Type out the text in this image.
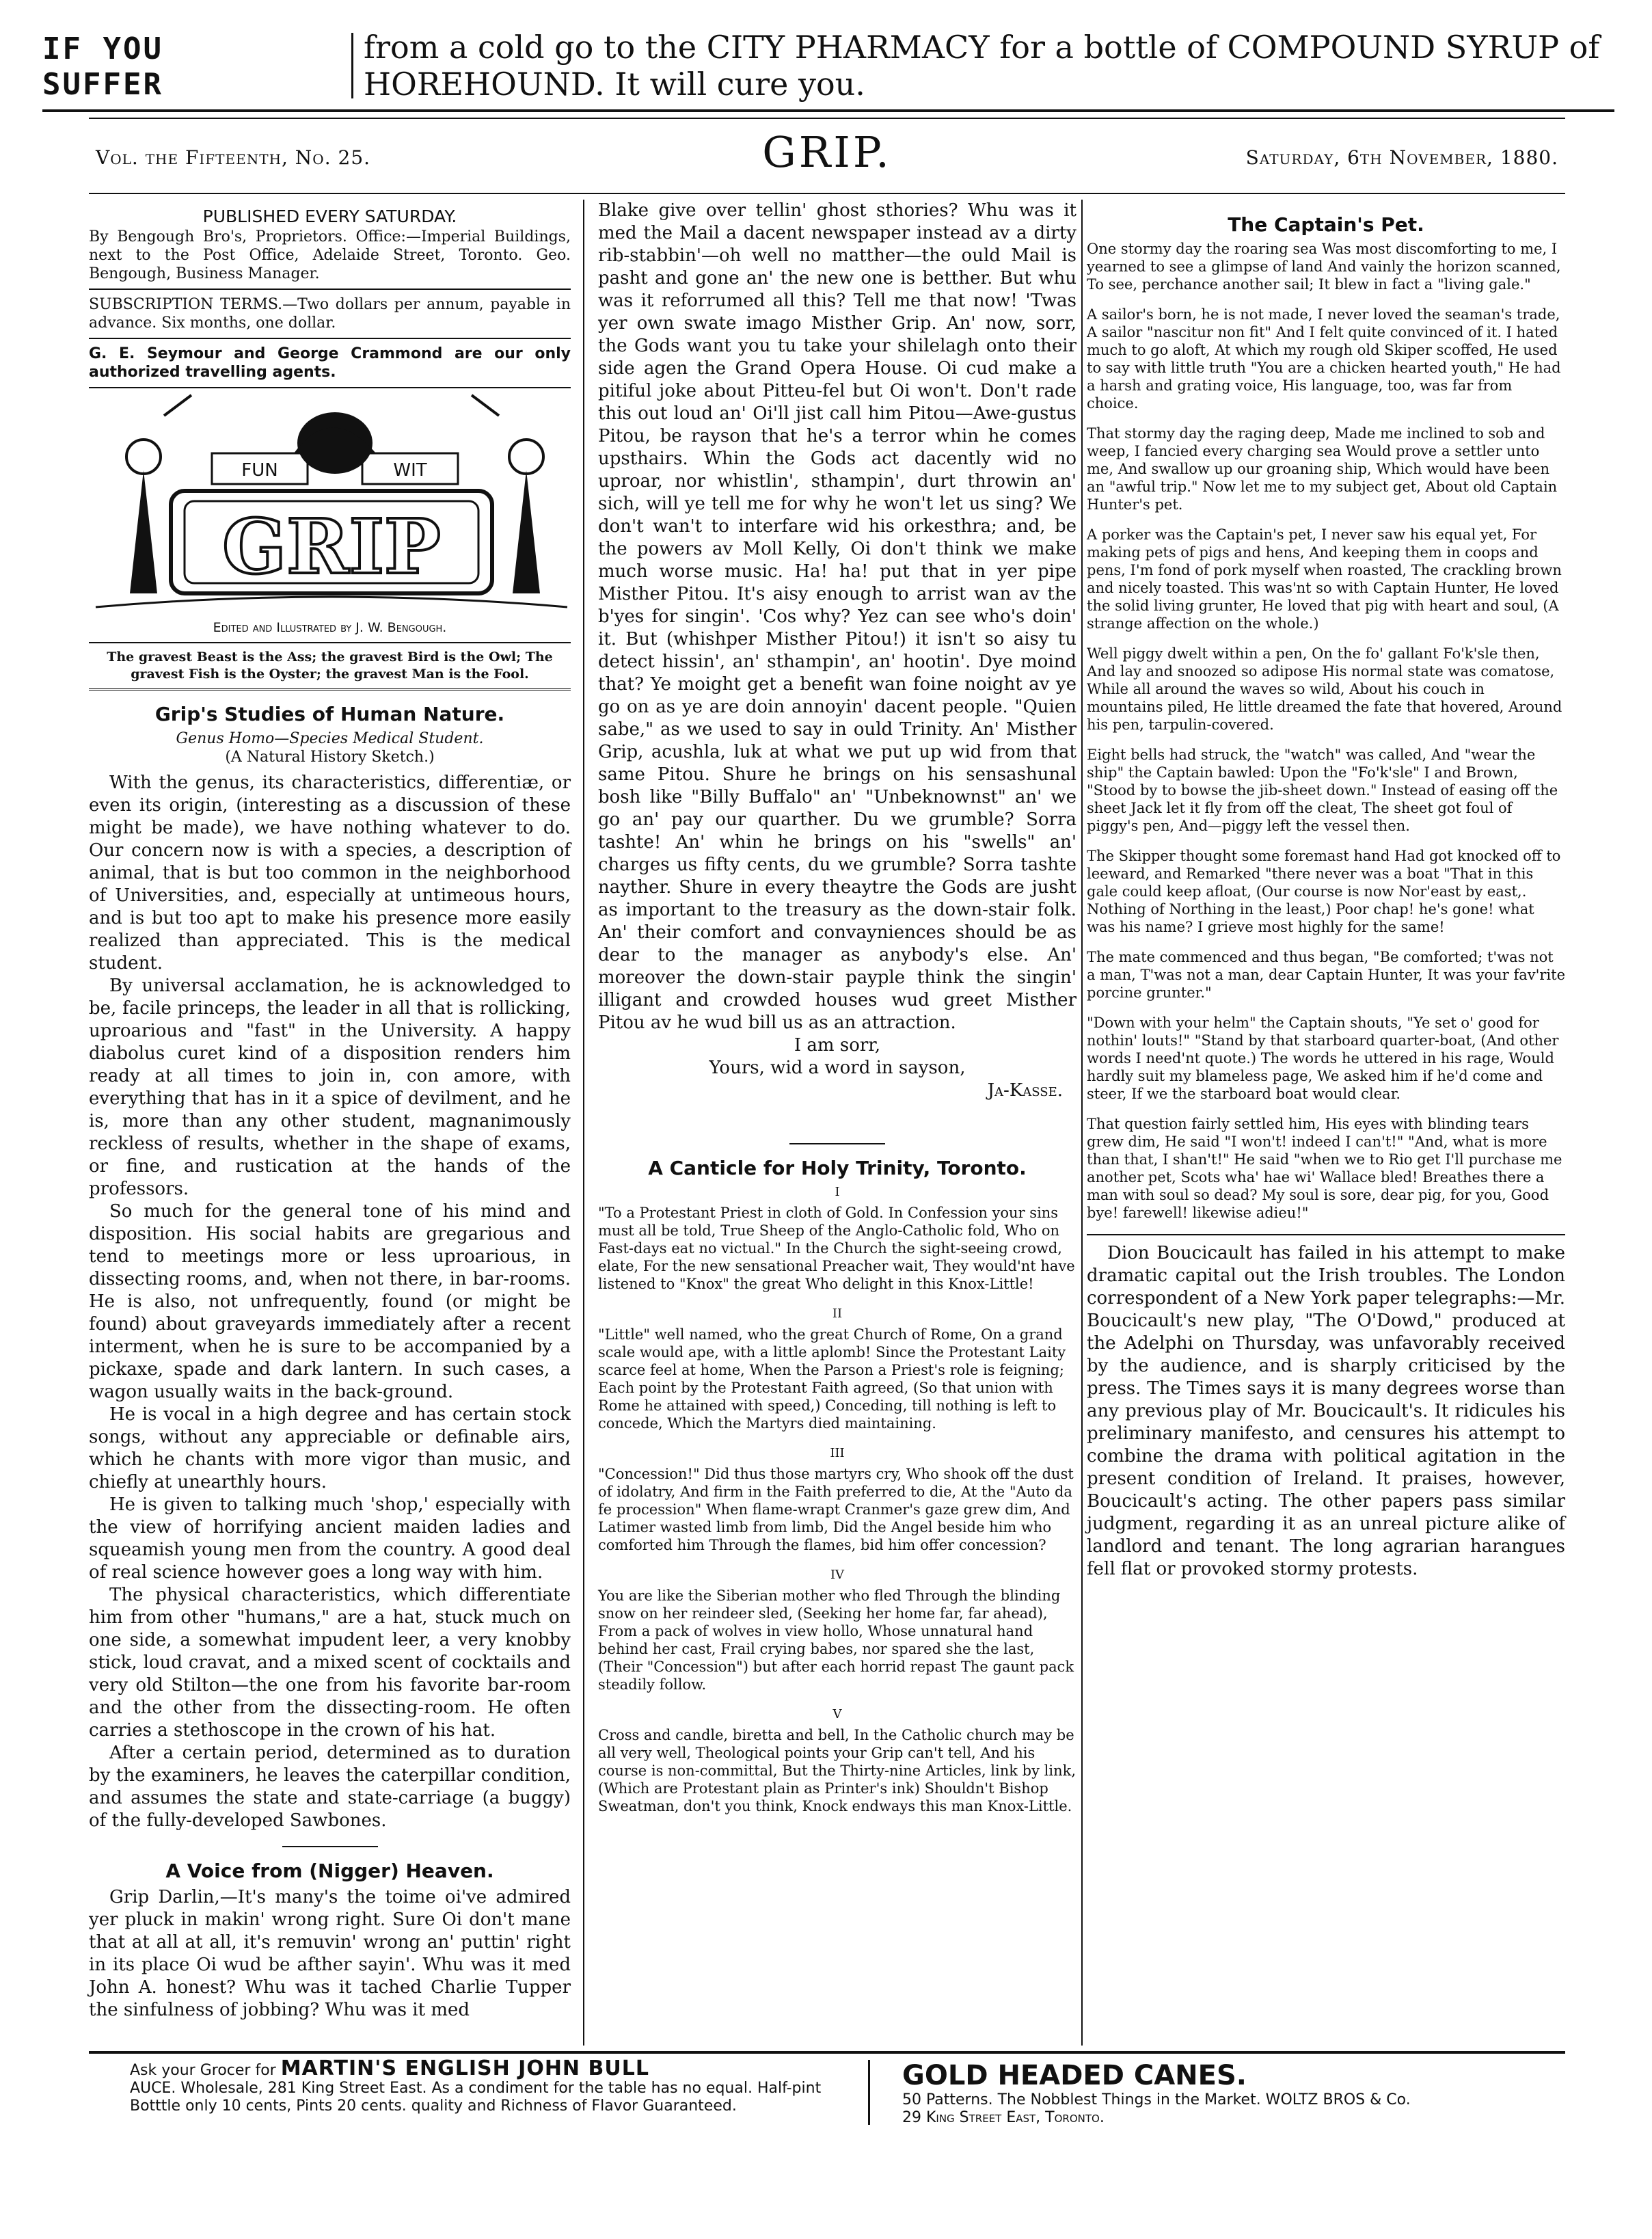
IF YOU
SUFFER
from a cold go to the CITY PHARMACY for a bottle of COMPOUND SYRUP of
HOREHOUND. It will cure you.
Vol. the Fifteenth, No. 25.	GRIP.	Saturday, 6th November, 1880.
PUBLISHED EVERY SATURDAY.
By Bengough Bro's, Proprietors. Office:—Imperial Buildings, next to the Post Office, Adelaide Street, Toronto. Geo. Bengough, Business Manager.
SUBSCRIPTION TERMS.—Two dollars per annum, payable in advance. Six months, one dollar.
G. E. Seymour and George Crammond are our only authorized travelling agents.
GRIP
FUN	WIT
Edited and Illustrated by J. W. Bengough.
The gravest Beast is the Ass; the gravest Bird is the Owl; The gravest Fish is the Oyster; the gravest Man is the Fool.
Grip's Studies of Human Nature.
Genus Homo—Species Medical Student.
(A Natural History Sketch.)

With the genus, its characteristics, differentiæ, or even its origin, (interesting as a discussion of these might be made), we have nothing whatever to do. Our concern now is with a species, a description of animal, that is but too common in the neighborhood of Universities, and, especially at untimeous hours, and is but too apt to make his presence more easily realized than appreciated. This is the medical student.

By universal acclamation, he is acknowledged to be, facile princeps, the leader in all that is rollicking, uproarious and "fast" in the University. A happy diabolus curet kind of a disposition renders him ready at all times to join in, con amore, with everything that has in it a spice of devilment, and he is, more than any other student, magnanimously reckless of results, whether in the shape of exams, or fine, and rustication at the hands of the professors.

So much for the general tone of his mind and disposition. His social habits are gregarious and tend to meetings more or less uproarious, in dissecting rooms, and, when not there, in bar-rooms. He is also, not unfrequently, found (or might be found) about graveyards immediately after a recent interment, when he is sure to be accompanied by a pickaxe, spade and dark lantern. In such cases, a wagon usually waits in the back-ground.

He is vocal in a high degree and has certain stock songs, without any appreciable or definable airs, which he chants with more vigor than music, and chiefly at unearthly hours.

He is given to talking much 'shop,' especially with the view of horrifying ancient maiden ladies and squeamish young men from the country. A good deal of real science however goes a long way with him.

The physical characteristics, which differentiate him from other "humans," are a hat, stuck much on one side, a somewhat impudent leer, a very knobby stick, loud cravat, and a mixed scent of cocktails and very old Stilton—the one from his favorite bar-room and the other from the dissecting-room. He often carries a stethoscope in the crown of his hat.

After a certain period, determined as to duration by the examiners, he leaves the caterpillar condition, and assumes the state and state-carriage (a buggy) of the fully-developed Sawbones.

A Voice from (Nigger) Heaven.

Grip Darlin,—It's many's the toime oi've admired yer pluck in makin' wrong right. Sure Oi don't mane that at all at all, it's remuvin' wrong an' puttin' right in its place Oi wud be afther sayin'. Whu was it med John A. honest? Whu was it tached Charlie Tupper the sinfulness of jobbing? Whu was it med

Blake give over tellin' ghost sthories? Whu was it med the Mail a dacent newspaper instead av a dirty rib-stabbin'—oh well no matther—the ould Mail is pasht and gone an' the new one is betther. But whu was it reforrumed all this? Tell me that now! 'Twas yer own swate imago Misther Grip. An' now, sorr, the Gods want you tu take your shilelagh onto their side agen the Grand Opera House. Oi cud make a pitiful joke about Pitteu-fel but Oi won't. Don't rade this out loud an' Oi'll jist call him Pitou—Awe-gustus Pitou, be rayson that he's a terror whin he comes upsthairs. Whin the Gods act dacently wid no uproar, nor whistlin', sthampin', durt throwin an' sich, will ye tell me for why he won't let us sing? We don't wan't to interfare wid his orkesthra; and, be the powers av Moll Kelly, Oi don't think we make much worse music. Ha! ha! put that in yer pipe Misther Pitou. It's aisy enough to arrist wan av the b'yes for singin'. 'Cos why? Yez can see who's doin' it. But (whishper Misther Pitou!) it isn't so aisy tu detect hissin', an' sthampin', an' hootin'. Dye moind that? Ye moight get a benefit wan foine noight av ye go on as ye are doin annoyin' dacent people. "Quien sabe," as we used to say in ould Trinity. An' Misther Grip, acushla, luk at what we put up wid from that same Pitou. Shure he brings on his sensashunal bosh like "Billy Buffalo" an' "Unbeknownst" an' we go an' pay our quarther. Du we grumble? Sorra tashte! An' whin he brings on his "swells" an' charges us fifty cents, du we grumble? Sorra tashte nayther. Shure in every theaytre the Gods are jusht as important to the treasury as the down-stair folk. An' their comfort and convayniences should be as dear to the manager as anybody's else. An' moreover the down-stair payple think the singin' illigant and crowded houses wud greet Misther Pitou av he wud bill us as an attraction.

I am sorr,
Yours, wid a word in sayson,
Ja-Kasse.
A Canticle for Holy Trinity, Toronto.
I
"To a Protestant Priest in cloth of Gold. In Confession your sins must all be told, True Sheep of the Anglo-Catholic fold, Who on Fast-days eat no victual." In the Church the sight-seeing crowd, elate, For the new sensational Preacher wait, They would'nt have listened to "Knox" the great Who delight in this Knox-Little!
II
"Little" well named, who the great Church of Rome, On a grand scale would ape, with a little aplomb! Since the Protestant Laity scarce feel at home, When the Parson a Priest's role is feigning; Each point by the Protestant Faith agreed, (So that union with Rome he attained with speed,) Conceding, till nothing is left to concede, Which the Martyrs died maintaining.
III
"Concession!" Did thus those martyrs cry, Who shook off the dust of idolatry, And firm in the Faith preferred to die, At the "Auto da fe procession" When flame-wrapt Cranmer's gaze grew dim, And Latimer wasted limb from limb, Did the Angel beside him who comforted him Through the flames, bid him offer concession?
IV
You are like the Siberian mother who fled Through the blinding snow on her reindeer sled, (Seeking her home far, far ahead), From a pack of wolves in view hollo, Whose unnatural hand behind her cast, Frail crying babes, nor spared she the last, (Their "Concession") but after each horrid repast The gaunt pack steadily follow.
V
Cross and candle, biretta and bell, In the Catholic church may be all very well, Theological points your Grip can't tell, And his course is non-committal, But the Thirty-nine Articles, link by link, (Which are Protestant plain as Printer's ink) Shouldn't Bishop Sweatman, don't you think, Knock endways this man Knox-Little.
The Captain's Pet.
One stormy day the roaring sea Was most discomforting to me, I yearned to see a glimpse of land And vainly the horizon scanned, To see, perchance another sail; It blew in fact a "living gale."
A sailor's born, he is not made, I never loved the seaman's trade, A sailor "nascitur non fit" And I felt quite convinced of it. I hated much to go aloft, At which my rough old Skiper scoffed, He used to say with little truth "You are a chicken hearted youth," He had a harsh and grating voice, His language, too, was far from choice.
That stormy day the raging deep, Made me inclined to sob and weep, I fancied every charging sea Would prove a settler unto me, And swallow up our groaning ship, Which would have been an "awful trip." Now let me to my subject get, About old Captain Hunter's pet.
A porker was the Captain's pet, I never saw his equal yet, For making pets of pigs and hens, And keeping them in coops and pens, I'm fond of pork myself when roasted, The crackling brown and nicely toasted. This was'nt so with Captain Hunter, He loved the solid living grunter, He loved that pig with heart and soul, (A strange affection on the whole.)
Well piggy dwelt within a pen, On the fo' gallant Fo'k'sle then, And lay and snoozed so adipose His normal state was comatose, While all around the waves so wild, About his couch in mountains piled, He little dreamed the fate that hovered, Around his pen, tarpulin-covered.
Eight bells had struck, the "watch" was called, And "wear the ship" the Captain bawled: Upon the "Fo'k'sle" I and Brown, "Stood by to bowse the jib-sheet down." Instead of easing off the sheet Jack let it fly from off the cleat, The sheet got foul of piggy's pen, And—piggy left the vessel then.
The Skipper thought some foremast hand Had got knocked off to leeward, and Remarked "there never was a boat "That in this gale could keep afloat, (Our course is now Nor'east by east,. Nothing of Northing in the least,) Poor chap! he's gone! what was his name? I grieve most highly for the same!
The mate commenced and thus began, "Be comforted; t'was not a man, T'was not a man, dear Captain Hunter, It was your fav'rite porcine grunter."
"Down with your helm" the Captain shouts, "Ye set o' good for nothin' louts!" "Stand by that starboard quarter-boat, (And other words I need'nt quote.) The words he uttered in his rage, Would hardly suit my blameless page, We asked him if he'd come and steer, If we the starboard boat would clear.
That question fairly settled him, His eyes with blinding tears grew dim, He said "I won't! indeed I can't!" "And, what is more than that, I shan't!" He said "when we to Rio get I'll purchase me another pet, Scots wha' hae wi' Wallace bled! Breathes there a man with soul so dead? My soul is sore, dear pig, for you, Good bye! farewell! likewise adieu!"

Dion Boucicault has failed in his attempt to make dramatic capital out the Irish troubles. The London correspondent of a New York paper telegraphs:—Mr. Boucicault's new play, "The O'Dowd," produced at the Adelphi on Thursday, was unfavorably received by the audience, and is sharply criticised by the press. The Times says it is many degrees worse than any previous play of Mr. Boucicault's. It ridicules his preliminary manifesto, and censures his attempt to combine the drama with political agitation in the present condition of Ireland. It praises, however, Boucicault's acting. The other papers pass similar judgment, regarding it as an unreal picture alike of landlord and tenant. The long agrarian harangues fell flat or provoked stormy protests.

Ask your Grocer for MARTIN'S ENGLISH JOHN BULL
AUCE. Wholesale, 281 King Street East. As a condiment for the table has no equal. Half-pint Botttle only 10 cents, Pints 20 cents. quality and Richness of Flavor Guaranteed.
GOLD HEADED CANES.
50 Patterns. The Nobblest Things in the Market. WOLTZ BROS & Co.
29 King Street East, Toronto.
